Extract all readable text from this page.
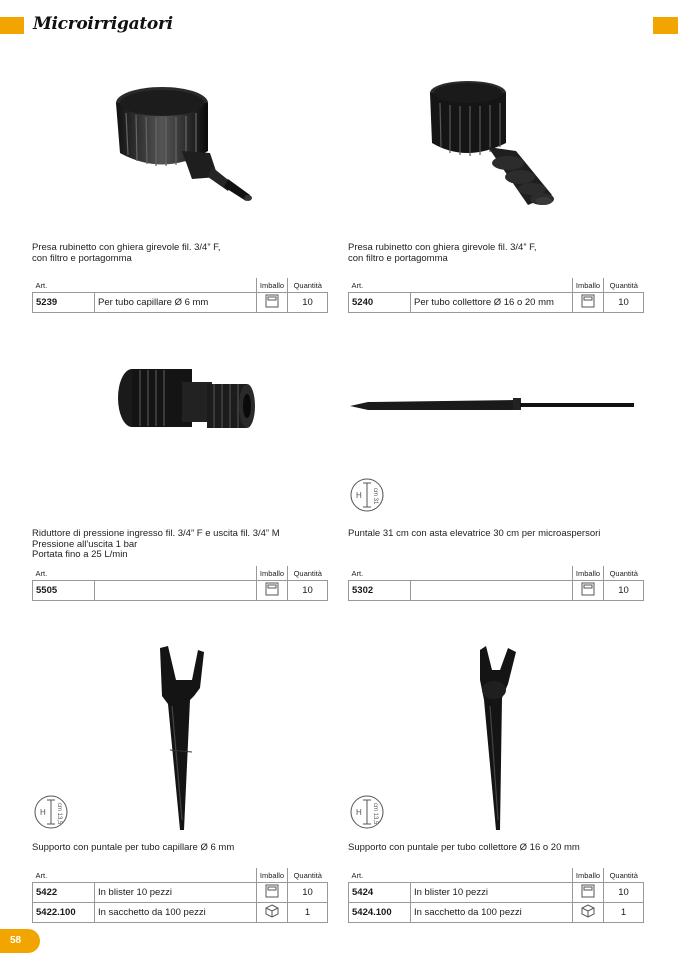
Microirrigatori
Presa rubinetto con ghiera girevole fil. 3/4” F,
con filtro e portagomma
Art.		Imballo	Quantità
5239	Per tubo capillare Ø 6 mm		10
Presa rubinetto con ghiera girevole fil. 3/4” F,
con filtro e portagomma
Art.		Imballo	Quantità
5240	Per tubo collettore Ø 16 o 20 mm		10
Riduttore di pressione ingresso fil. 3/4” F e uscita fil. 3/4” M
Pressione all'uscita 1 bar
Portata fino a 25 L/min
Art.		Imballo	Quantità
5505			10
H cm 31
Puntale 31 cm con asta elevatrice 30 cm per microaspersori
Art.		Imballo	Quantità
5302			10
H cm 13,5
Supporto con puntale per tubo capillare Ø 6 mm
Art.		Imballo	Quantità
5422	In blister 10 pezzi		10
5422.100	In sacchetto da 100 pezzi		1
H cm 13,5
Supporto con puntale per tubo collettore Ø 16 o 20 mm
Art.		Imballo	Quantità
5424	In blister 10 pezzi		10
5424.100	In sacchetto da 100 pezzi		1
58
